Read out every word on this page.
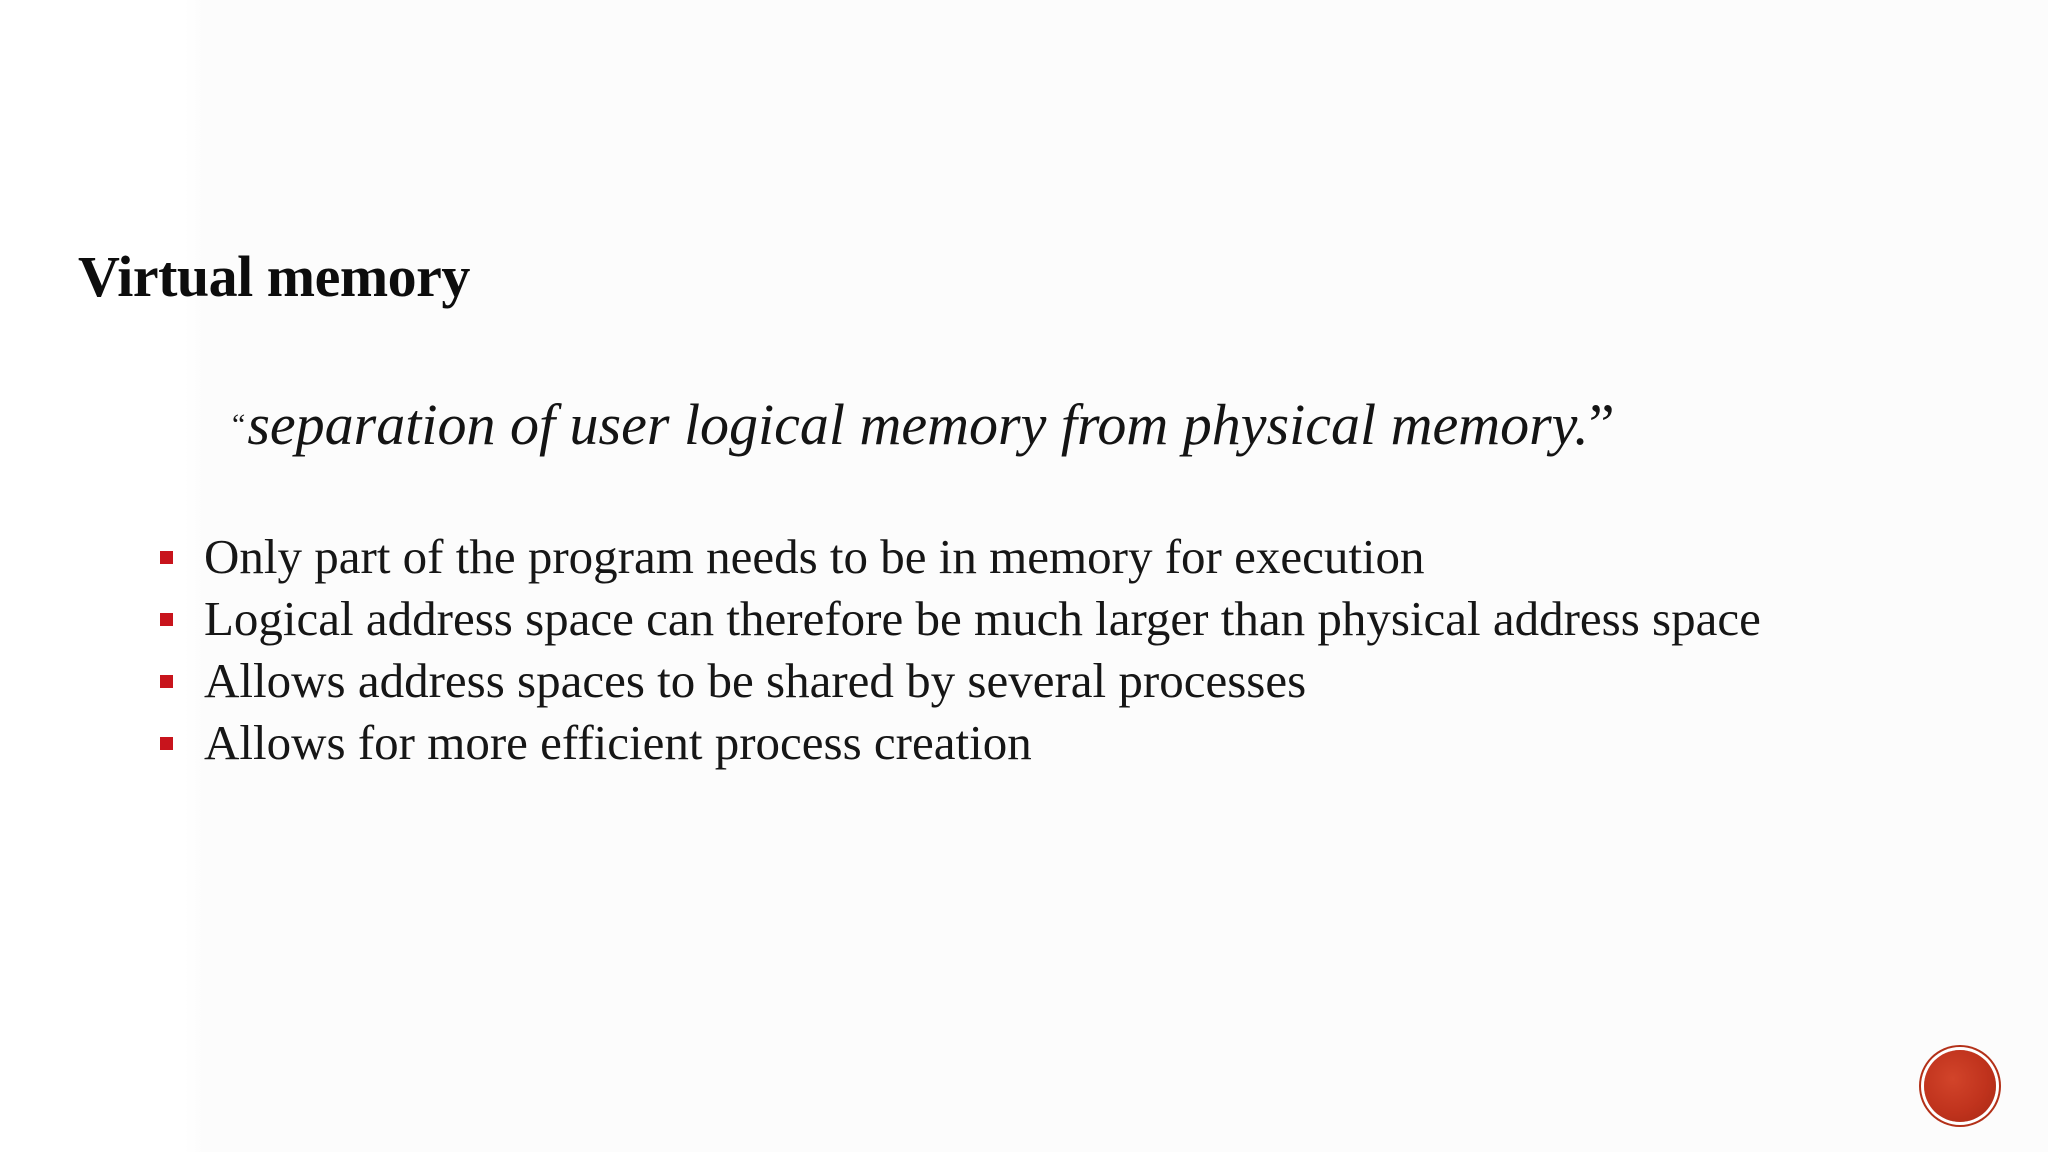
Virtual memory
“separation of user logical memory from physical memory.”
Only part of the program needs to be in memory for execution
Logical address space can therefore be much larger than physical address space
Allows address spaces to be shared by several processes
Allows for more efficient process creation
